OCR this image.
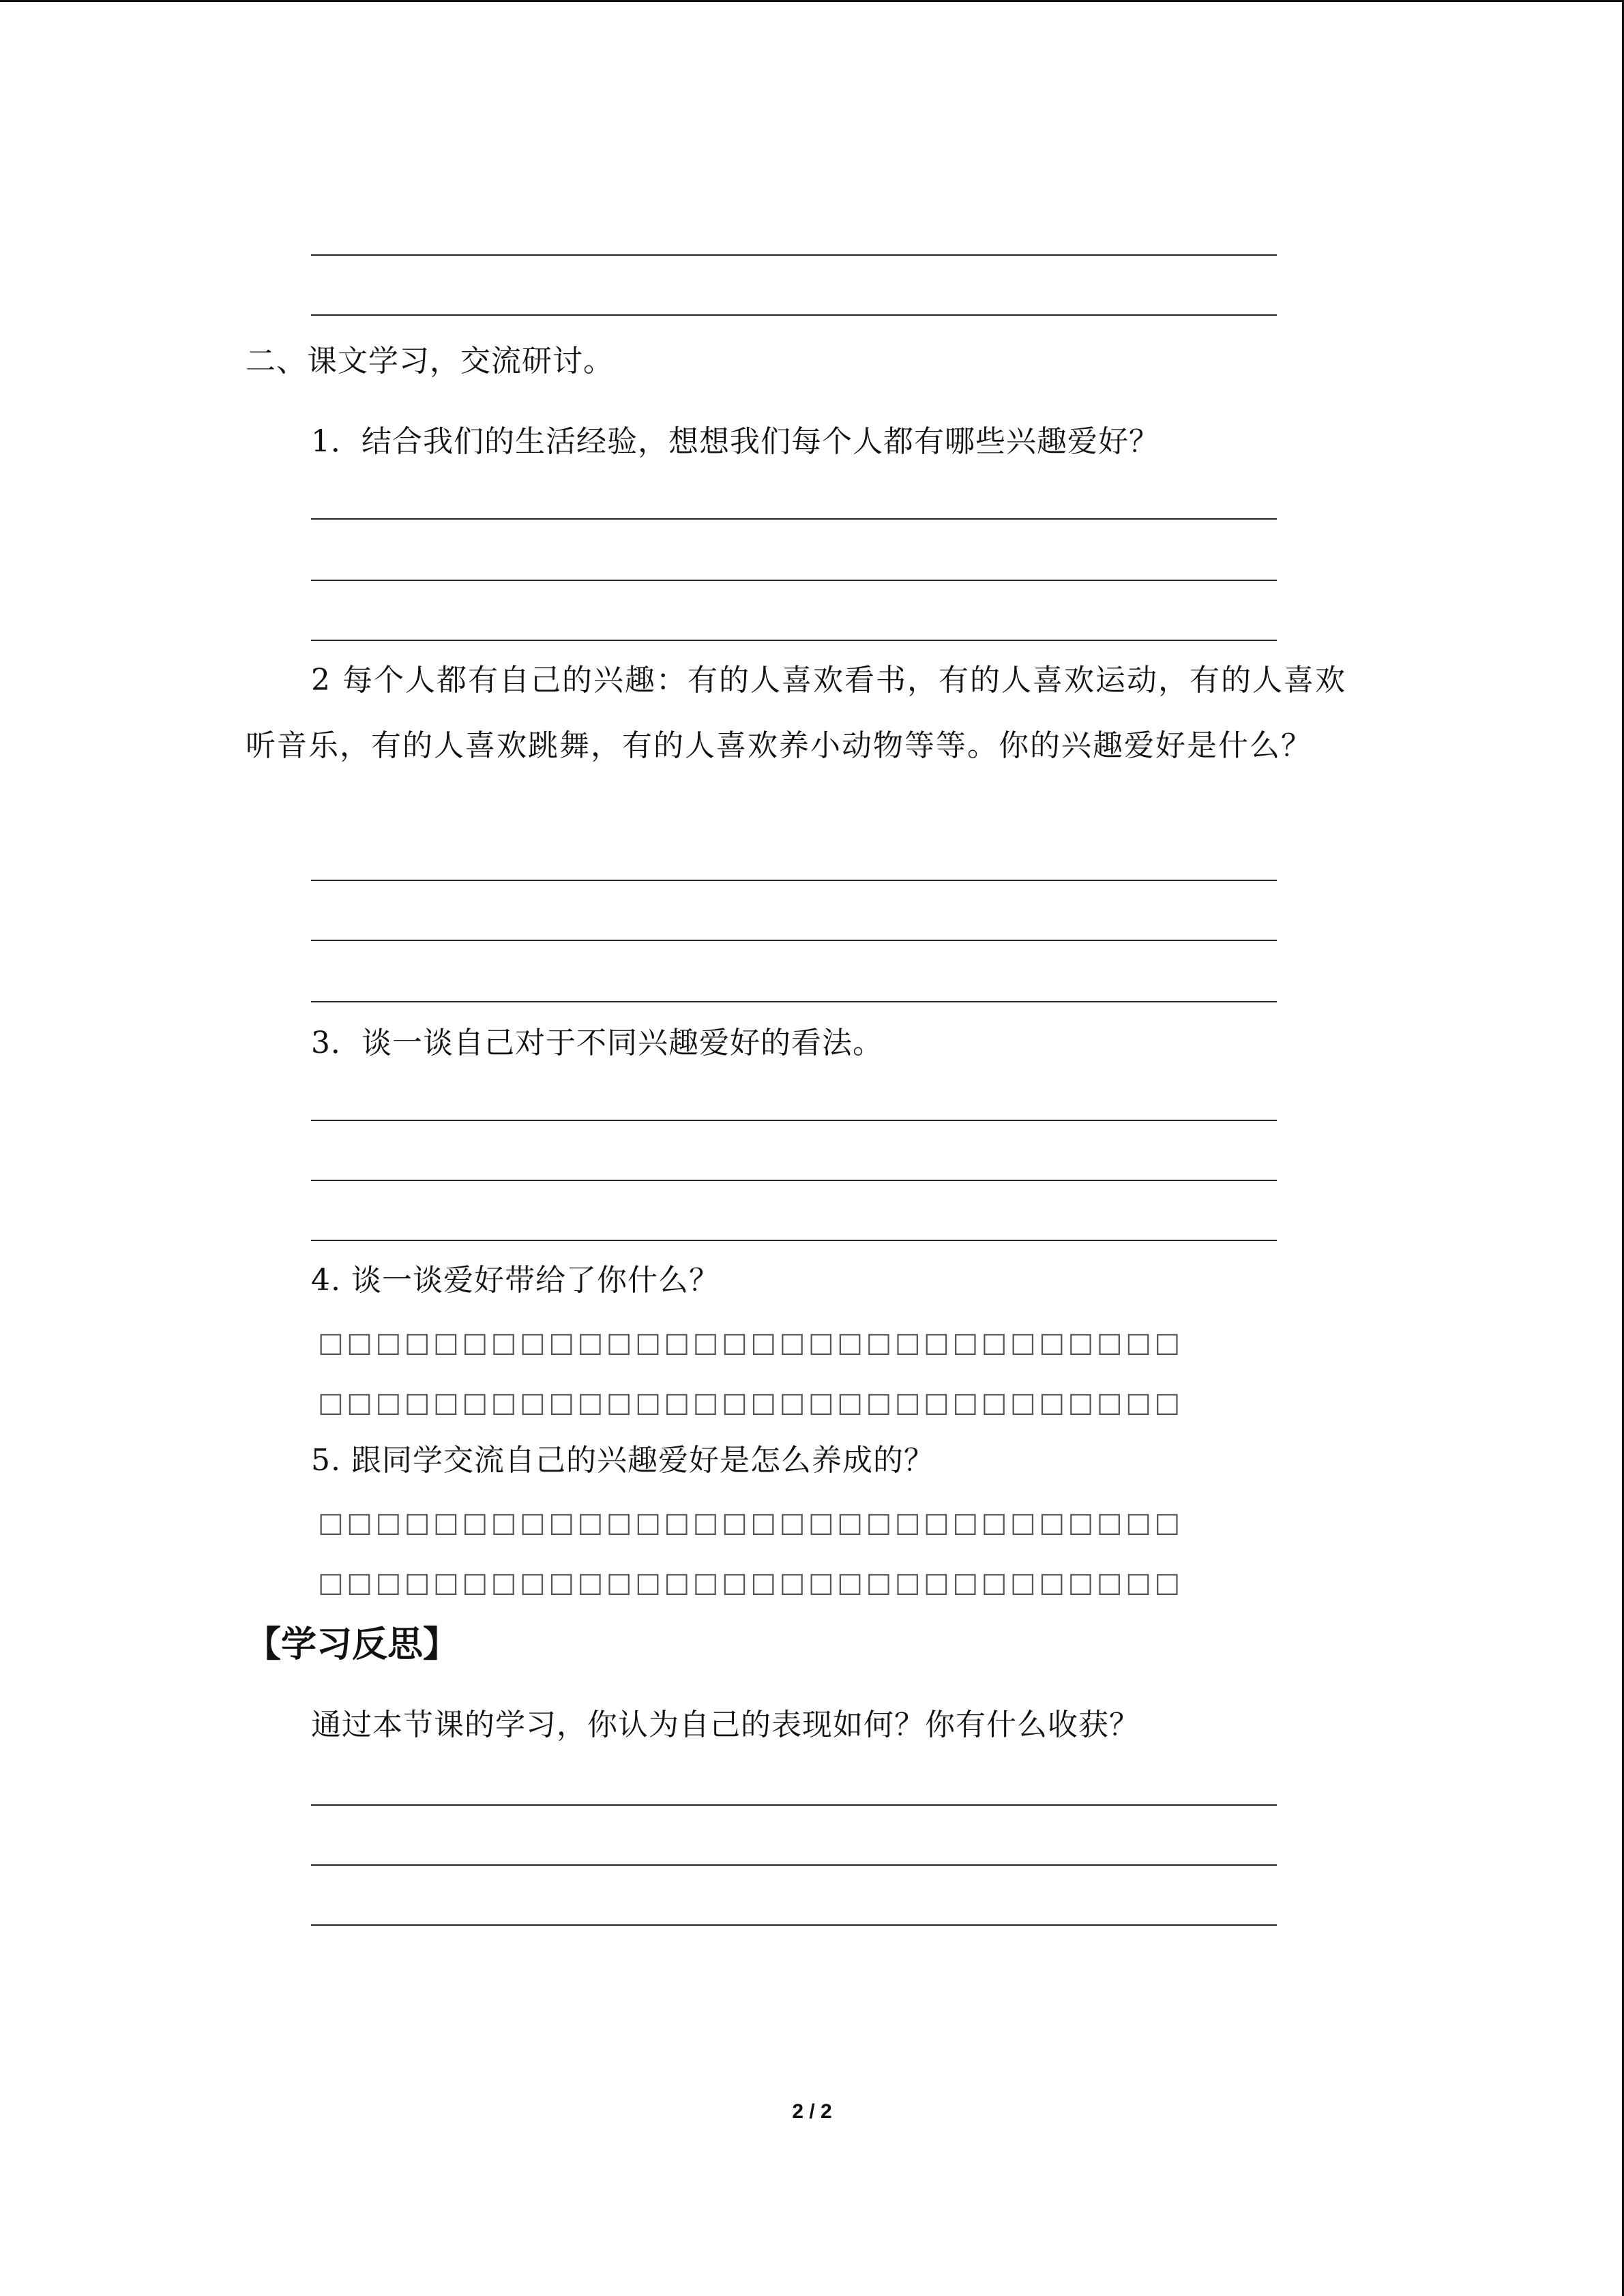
二、课文学习，交流研讨。
1．结合我们的生活经验，想想我们每个人都有哪些兴趣爱好？
2 每个人都有自己的兴趣：有的人喜欢看书，有的人喜欢运动，有的人喜欢听音乐，有的人喜欢跳舞，有的人喜欢养小动物等等。你的兴趣爱好是什么？
3．谈一谈自己对于不同兴趣爱好的看法。
4. 谈一谈爱好带给了你什么？
□□□□□□□□□□□□□□□□□□□□□□□□□□□□□□
□□□□□□□□□□□□□□□□□□□□□□□□□□□□□□
5. 跟同学交流自己的兴趣爱好是怎么养成的？
□□□□□□□□□□□□□□□□□□□□□□□□□□□□□□
□□□□□□□□□□□□□□□□□□□□□□□□□□□□□□
【学习反思】
通过本节课的学习，你认为自己的表现如何？你有什么收获？
2 / 2
